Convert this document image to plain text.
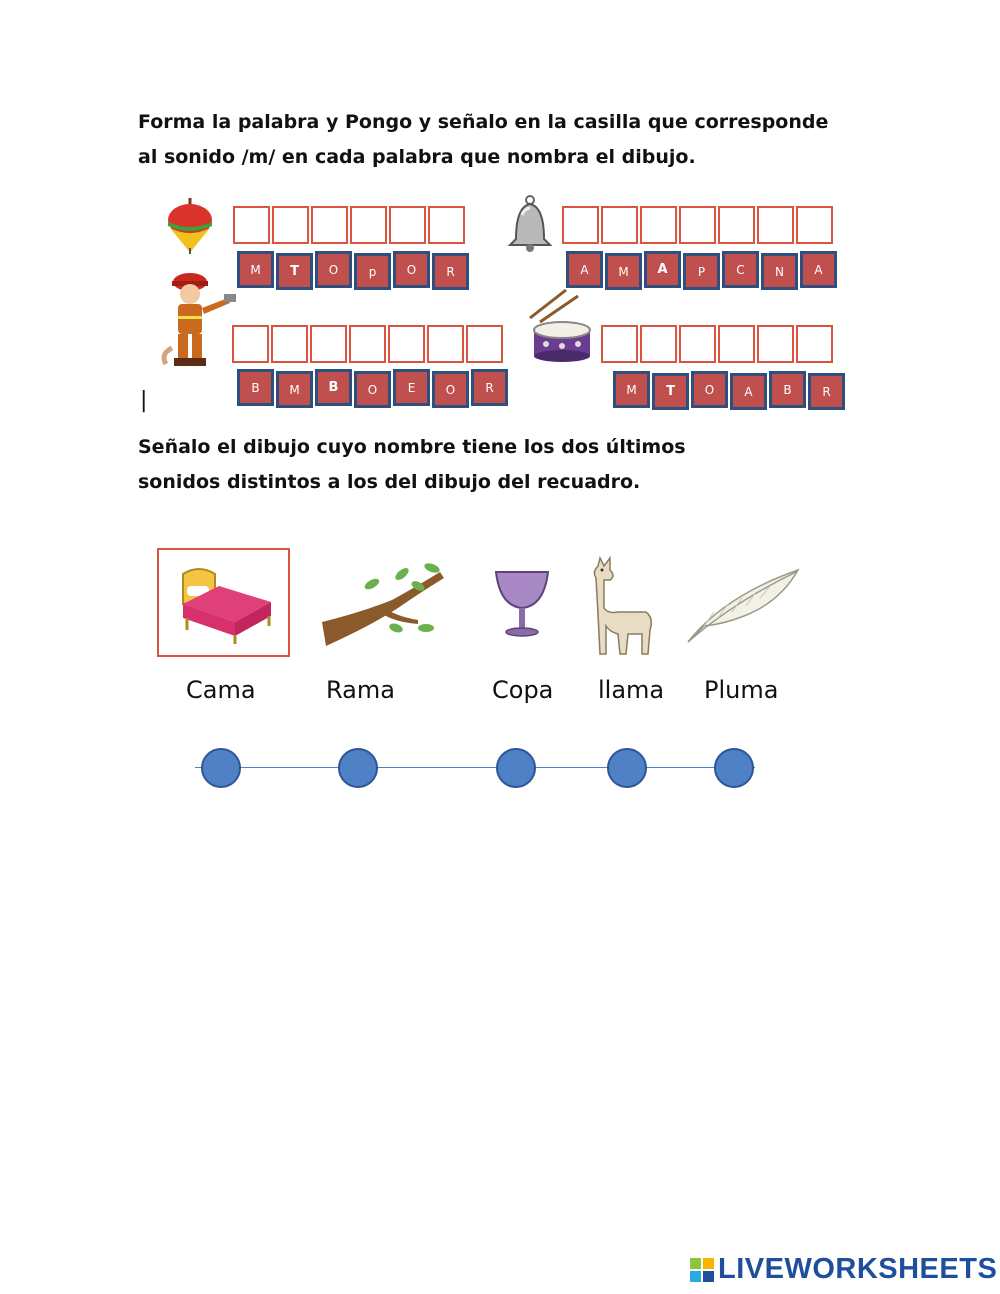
Forma la palabra y Pongo y señalo en la casilla que corresponde
al sonido /m/ en cada palabra que nombra el dibujo.
M	T	O	p	O	R	A	M	A	P	C	N	A
B	M	B	O	E	O	R	M	T	O	A	B	R
|
Señalo el dibujo cuyo nombre tiene los dos últimos
sonidos distintos a los del dibujo del recuadro.
Cama	Rama	Copa llama Pluma
LIVEWORKSHEETS
